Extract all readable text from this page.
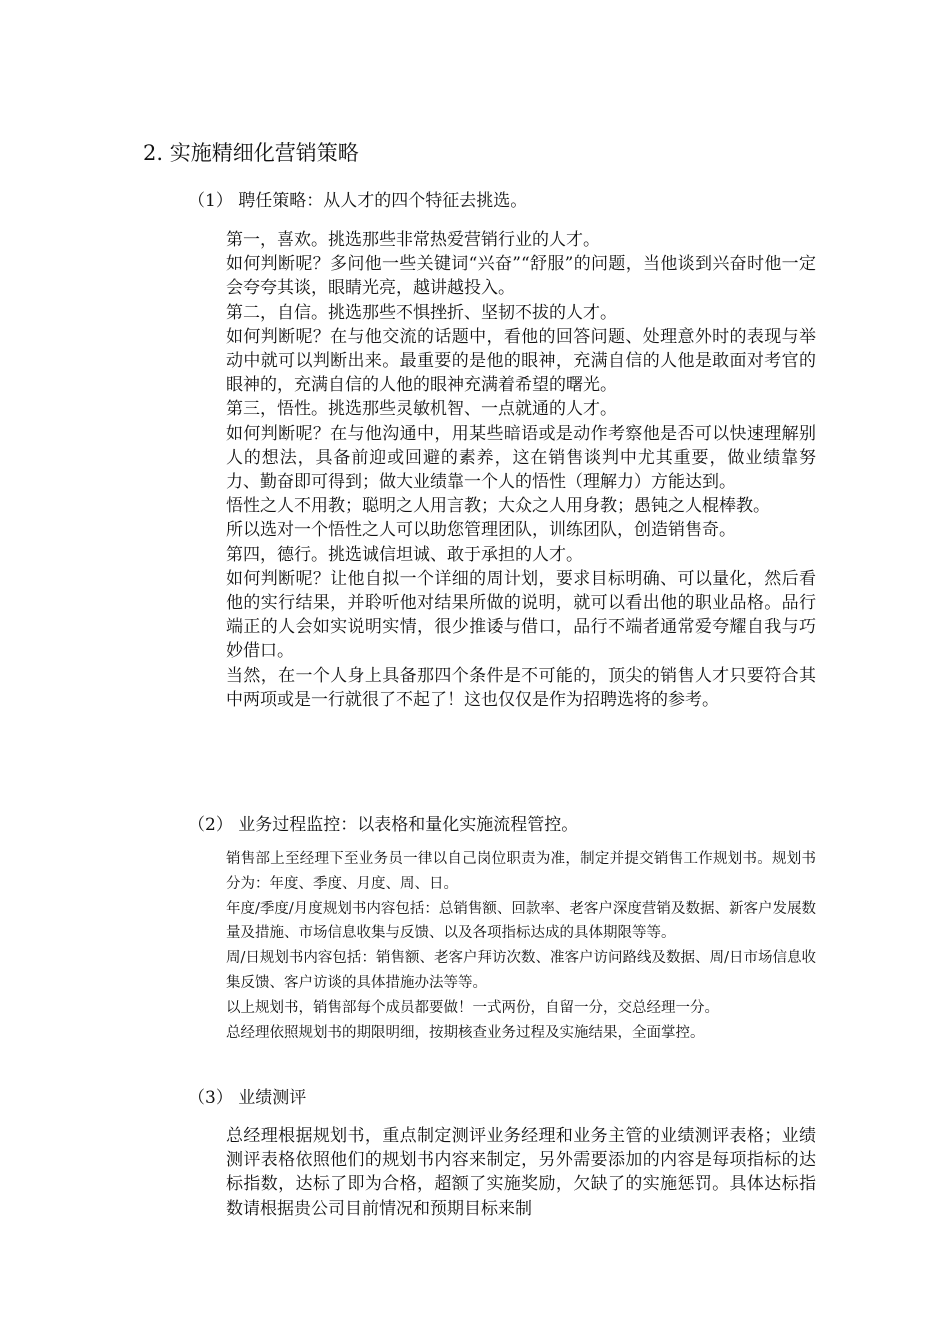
2. 实施精细化营销策略
（1） 聘任策略：从人才的四个特征去挑选。

第一，喜欢。挑选那些非常热爱营销行业的人才。

如何判断呢？多问他一些关键词“兴奋”“舒服”的问题，当他谈到兴奋时他一定会夸夸其谈，眼睛光亮，越讲越投入。

第二，自信。挑选那些不惧挫折、坚韧不拔的人才。

如何判断呢？在与他交流的话题中，看他的回答问题、处理意外时的表现与举动中就可以判断出来。最重要的是他的眼神，充满自信的人他是敢面对考官的眼神的，充满自信的人他的眼神充满着希望的曙光。

第三，悟性。挑选那些灵敏机智、一点就通的人才。

如何判断呢？在与他沟通中，用某些暗语或是动作考察他是否可以快速理解别人的想法，具备前迎或回避的素养，这在销售谈判中尤其重要，做业绩靠努力、勤奋即可得到；做大业绩靠一个人的悟性（理解力）方能达到。

悟性之人不用教；聪明之人用言教；大众之人用身教；愚钝之人棍棒教。

所以选对一个悟性之人可以助您管理团队，训练团队，创造销售奇。

第四，德行。挑选诚信坦诚、敢于承担的人才。

如何判断呢？让他自拟一个详细的周计划，要求目标明确、可以量化，然后看他的实行结果，并聆听他对结果所做的说明，就可以看出他的职业品格。品行端正的人会如实说明实情，很少推诿与借口，品行不端者通常爱夸耀自我与巧妙借口。

当然，在一个人身上具备那四个条件是不可能的，顶尖的销售人才只要符合其中两项或是一行就很了不起了！这也仅仅是作为招聘选将的参考。

（2） 业务过程监控：以表格和量化实施流程管控。

销售部上至经理下至业务员一律以自己岗位职责为准，制定并提交销售工作规划书。规划书分为：年度、季度、月度、周、日。

年度/季度/月度规划书内容包括：总销售额、回款率、老客户深度营销及数据、新客户发展数量及措施、市场信息收集与反馈、以及各项指标达成的具体期限等等。

周/日规划书内容包括：销售额、老客户拜访次数、准客户访问路线及数据、周/日市场信息收集反馈、客户访谈的具体措施办法等等。

以上规划书，销售部每个成员都要做！一式两份，自留一分，交总经理一分。

总经理依照规划书的期限明细，按期核查业务过程及实施结果，全面掌控。

（3） 业绩测评

总经理根据规划书，重点制定测评业务经理和业务主管的业绩测评表格；业绩测评表格依照他们的规划书内容来制定，另外需要添加的内容是每项指标的达标指数，达标了即为合格，超额了实施奖励，欠缺了的实施惩罚。具体达标指数请根据贵公司目前情况和预期目标来制
